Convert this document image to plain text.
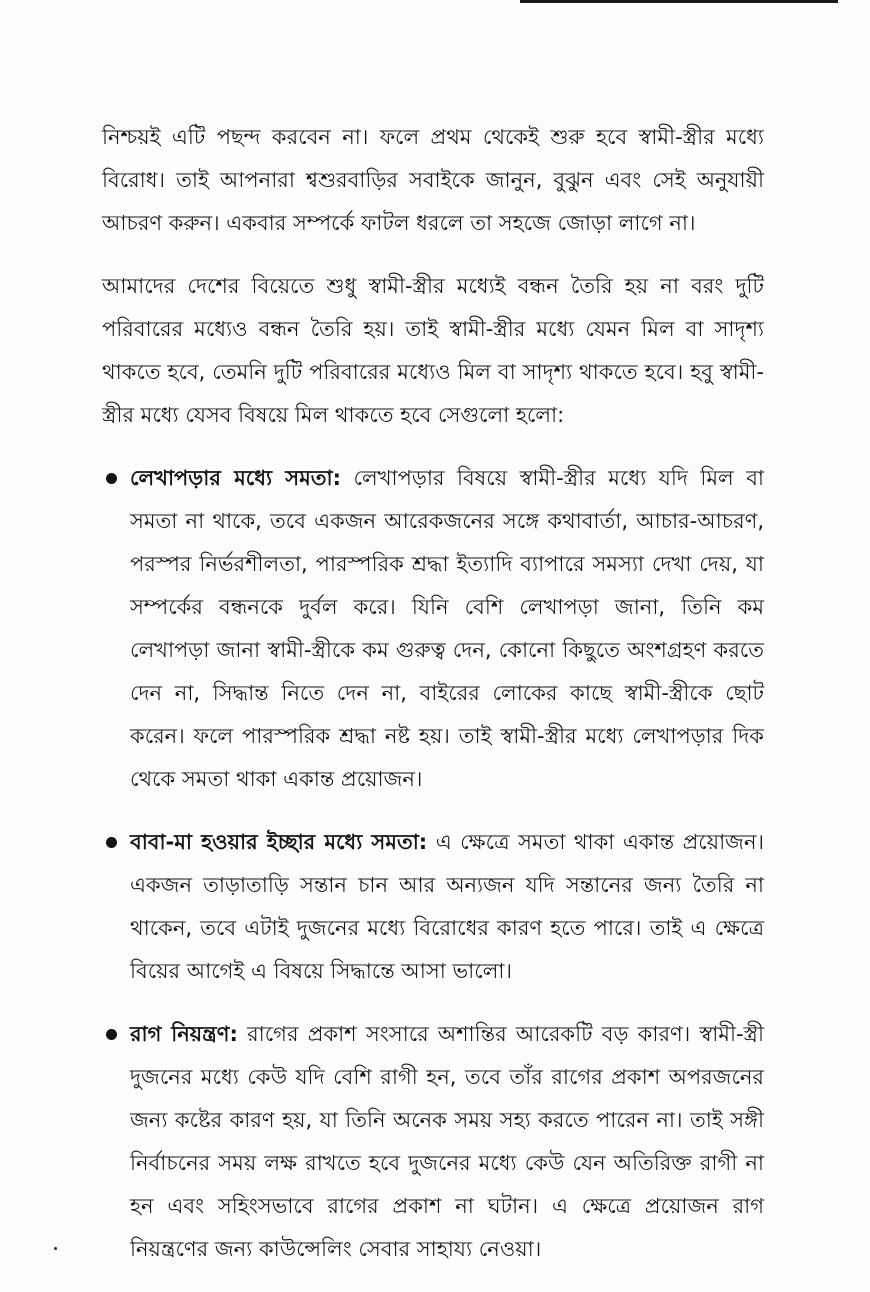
নিশ্চয়ই এটি পছন্দ করবেন না। ফলে প্রথম থেকেই শুরু হবে স্বামী-স্ত্রীর মধ্যে বিরোধ। তাই আপনারা শ্বশুরবাড়ির সবাইকে জানুন, বুঝুন এবং সেই অনুযায়ী আচরণ করুন। একবার সম্পর্কে ফাটল ধরলে তা সহজে জোড়া লাগে না।

আমাদের দেশের বিয়েতে শুধু স্বামী-স্ত্রীর মধ্যেই বন্ধন তৈরি হয় না বরং দুটি পরিবারের মধ্যেও বন্ধন তৈরি হয়। তাই স্বামী-স্ত্রীর মধ্যে যেমন মিল বা সাদৃশ্য থাকতে হবে, তেমনি দুটি পরিবারের মধ্যেও মিল বা সাদৃশ্য থাকতে হবে। হবু স্বামী-স্ত্রীর মধ্যে যেসব বিষয়ে মিল থাকতে হবে সেগুলো হলো:

লেখাপড়ার মধ্যে সমতা: লেখাপড়ার বিষয়ে স্বামী-স্ত্রীর মধ্যে যদি মিল বা সমতা না থাকে, তবে একজন আরেকজনের সঙ্গে কথাবার্তা, আচার-আচরণ, পরস্পর নির্ভরশীলতা, পারস্পরিক শ্রদ্ধা ইত্যাদি ব্যাপারে সমস্যা দেখা দেয়, যা সম্পর্কের বন্ধনকে দুর্বল করে। যিনি বেশি লেখাপড়া জানা, তিনি কম লেখাপড়া জানা স্বামী-স্ত্রীকে কম গুরুত্ব দেন, কোনো কিছুতে অংশগ্রহণ করতে দেন না, সিদ্ধান্ত নিতে দেন না, বাইরের লোকের কাছে স্বামী-স্ত্রীকে ছোট করেন। ফলে পারস্পরিক শ্রদ্ধা নষ্ট হয়। তাই স্বামী-স্ত্রীর মধ্যে লেখাপড়ার দিক থেকে সমতা থাকা একান্ত প্রয়োজন।
বাবা-মা হওয়ার ইচ্ছার মধ্যে সমতা: এ ক্ষেত্রে সমতা থাকা একান্ত প্রয়োজন। একজন তাড়াতাড়ি সন্তান চান আর অন্যজন যদি সন্তানের জন্য তৈরি না থাকেন, তবে এটাই দুজনের মধ্যে বিরোধের কারণ হতে পারে। তাই এ ক্ষেত্রে বিয়ের আগেই এ বিষয়ে সিদ্ধান্তে আসা ভালো।
রাগ নিয়ন্ত্রণ: রাগের প্রকাশ সংসারে অশান্তির আরেকটি বড় কারণ। স্বামী-স্ত্রী দুজনের মধ্যে কেউ যদি বেশি রাগী হন, তবে তাঁর রাগের প্রকাশ অপরজনের জন্য কষ্টের কারণ হয়, যা তিনি অনেক সময় সহ্য করতে পারেন না। তাই সঙ্গী নির্বাচনের সময় লক্ষ রাখতে হবে দুজনের মধ্যে কেউ যেন অতিরিক্ত রাগী না হন এবং সহিংসভাবে রাগের প্রকাশ না ঘটান। এ ক্ষেত্রে প্রয়োজন রাগ নিয়ন্ত্রণের জন্য কাউন্সেলিং সেবার সাহায্য নেওয়া।
